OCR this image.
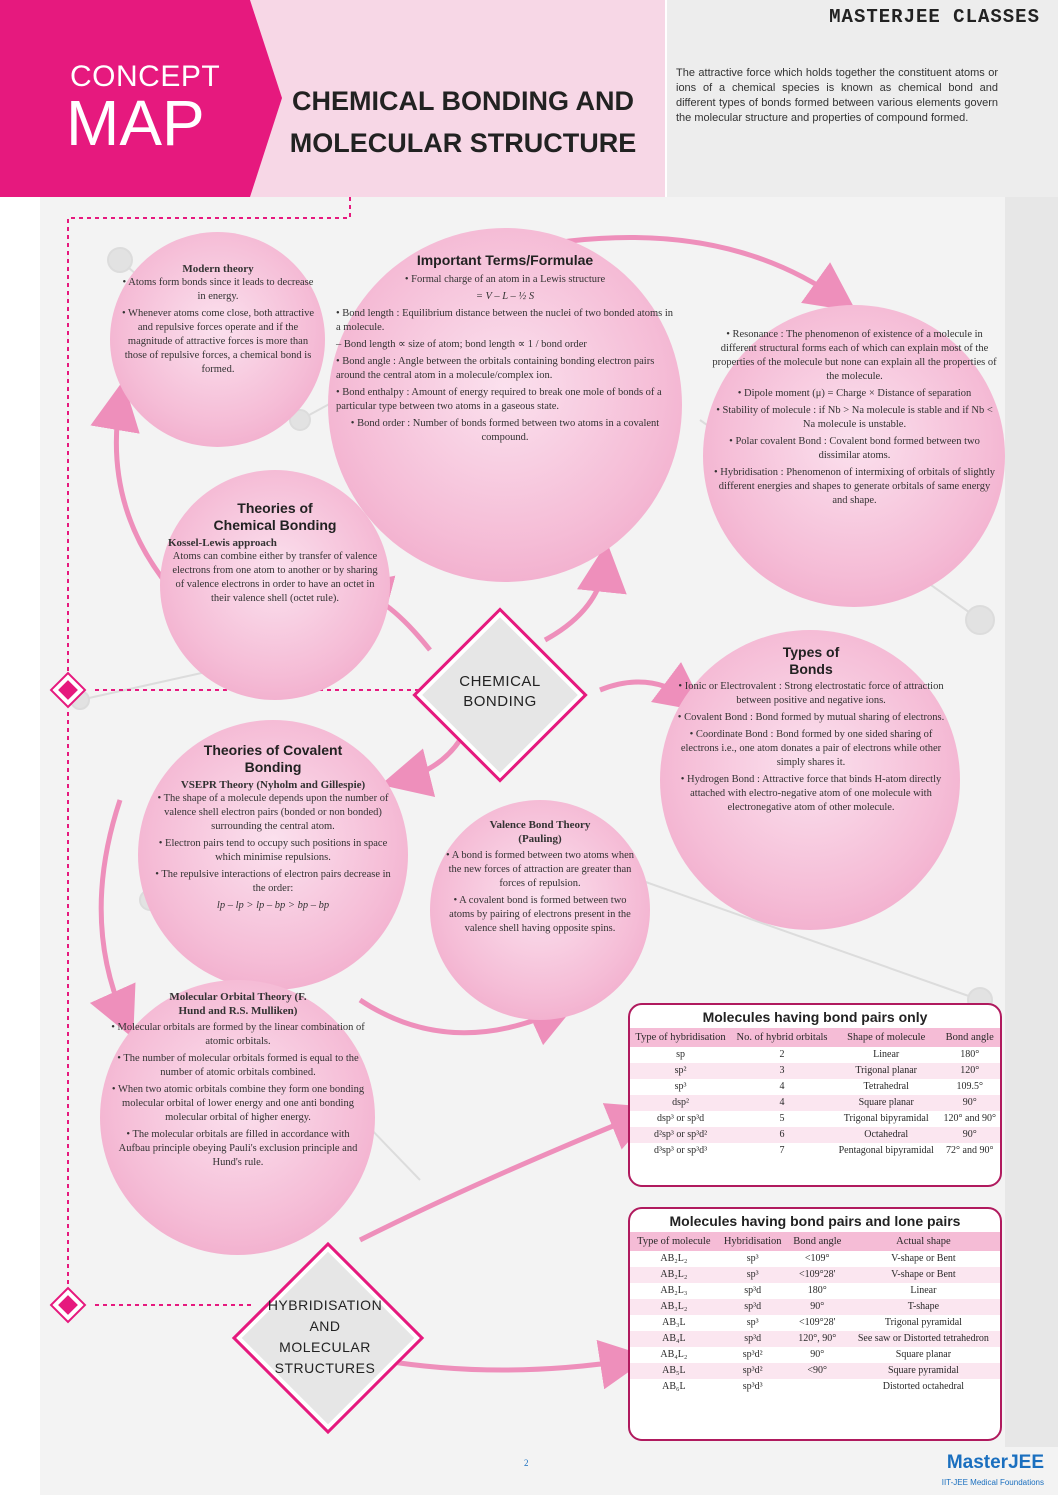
CONCEPT
MAP	CHEMICAL BONDING AND
MOLECULAR STRUCTURE
MASTERJEE CLASSES
The attractive force which holds together the constituent atoms or ions of a chemical species is known as chemical bond and different types of bonds formed between various elements govern the molecular structure and properties of compound formed.
Modern theory

• Atoms form bonds since it leads to decrease in energy.

• Whenever atoms come close, both attractive and repulsive forces operate and if the magnitude of attractive forces is more than those of repulsive forces, a chemical bond is formed.

Important Terms/Formulae

• Formal charge of an atom in a Lewis structure

= V – L – ½ S

• Bond length : Equilibrium distance between the nuclei of two bonded atoms in a molecule.

– Bond length ∝ size of atom; bond length ∝ 1 / bond order

• Bond angle : Angle between the orbitals containing bonding electron pairs around the central atom in a molecule/complex ion.

• Bond enthalpy : Amount of energy required to break one mole of bonds of a particular type between two atoms in a gaseous state.

• Bond order : Number of bonds formed between two atoms in a covalent compound.

• Resonance : The phenomenon of existence of a molecule in different structural forms each of which can explain most of the properties of the molecule but none can explain all the properties of the molecule.

• Dipole moment (μ) = Charge × Distance of separation

• Stability of molecule : if Nb > Na molecule is stable and if Nb < Na molecule is unstable.

• Polar covalent Bond : Covalent bond formed between two dissimilar atoms.

• Hybridisation : Phenomenon of intermixing of orbitals of slightly different energies and shapes to generate orbitals of same energy and shape.

Theories of Chemical Bonding
Kossel-Lewis approach

Atoms can combine either by transfer of valence electrons from one atom to another or by sharing of valence electrons in order to have an octet in their valence shell (octet rule).

CHEMICAL
BONDING
Types of Bonds

• Ionic or Electrovalent : Strong electrostatic force of attraction between positive and negative ions.

• Covalent Bond : Bond formed by mutual sharing of electrons.

• Coordinate Bond : Bond formed by one sided sharing of electrons i.e., one atom donates a pair of electrons while other simply shares it.

• Hydrogen Bond : Attractive force that binds H-atom directly attached with electro-negative atom of one molecule with electronegative atom of other molecule.

Theories of Covalent Bonding
VSEPR Theory (Nyholm and Gillespie)

• The shape of a molecule depends upon the number of valence shell electron pairs (bonded or non bonded) surrounding the central atom.

• Electron pairs tend to occupy such positions in space which minimise repulsions.

• The repulsive interactions of electron pairs decrease in the order:

lp – lp > lp – bp > bp – bp

Valence Bond Theory (Pauling)

• A bond is formed between two atoms when the new forces of attraction are greater than forces of repulsion.

• A covalent bond is formed between two atoms by pairing of electrons present in the valence shell having opposite spins.

Molecular Orbital Theory (F. Hund and R.S. Mulliken)

• Molecular orbitals are formed by the linear combination of atomic orbitals.

• The number of molecular orbitals formed is equal to the number of atomic orbitals combined.

• When two atomic orbitals combine they form one bonding molecular orbital of lower energy and one anti bonding molecular orbital of higher energy.

• The molecular orbitals are filled in accordance with Aufbau principle obeying Pauli's exclusion principle and Hund's rule.

HYBRIDISATION
AND
MOLECULAR
STRUCTURES
Molecules having bond pairs only
Type of hybridisation	No. of hybrid orbitals	Shape of molecule	Bond angle
sp	2	Linear	180°
sp²	3	Trigonal planar	120°
sp³	4	Tetrahedral	109.5°
dsp²	4	Square planar	90°
dsp³ or sp³d	5	Trigonal bipyramidal	120° and 90°
d²sp³ or sp³d²	6	Octahedral	90°
d³sp³ or sp³d³	7	Pentagonal bipyramidal	72° and 90°
Molecules having bond pairs and lone pairs
Type of molecule	Hybridisation	Bond angle	Actual shape
AB₂L₂	sp³	<109°	V-shape or Bent
AB₂L₂	sp³	<109°28'	V-shape or Bent
AB₂L₃	sp³d	180°	Linear
AB₃L₂	sp³d	90°	T-shape
AB₃L	sp³	<109°28'	Trigonal pyramidal
AB₄L	sp³d	120°, 90°	See saw or Distorted tetrahedron
AB₄L₂	sp³d²	90°	Square planar
AB₅L	sp³d²	<90°	Square pyramidal
AB₆L	sp³d³		Distorted octahedral
2	MasterJEE
IIT-JEE Medical Foundations
